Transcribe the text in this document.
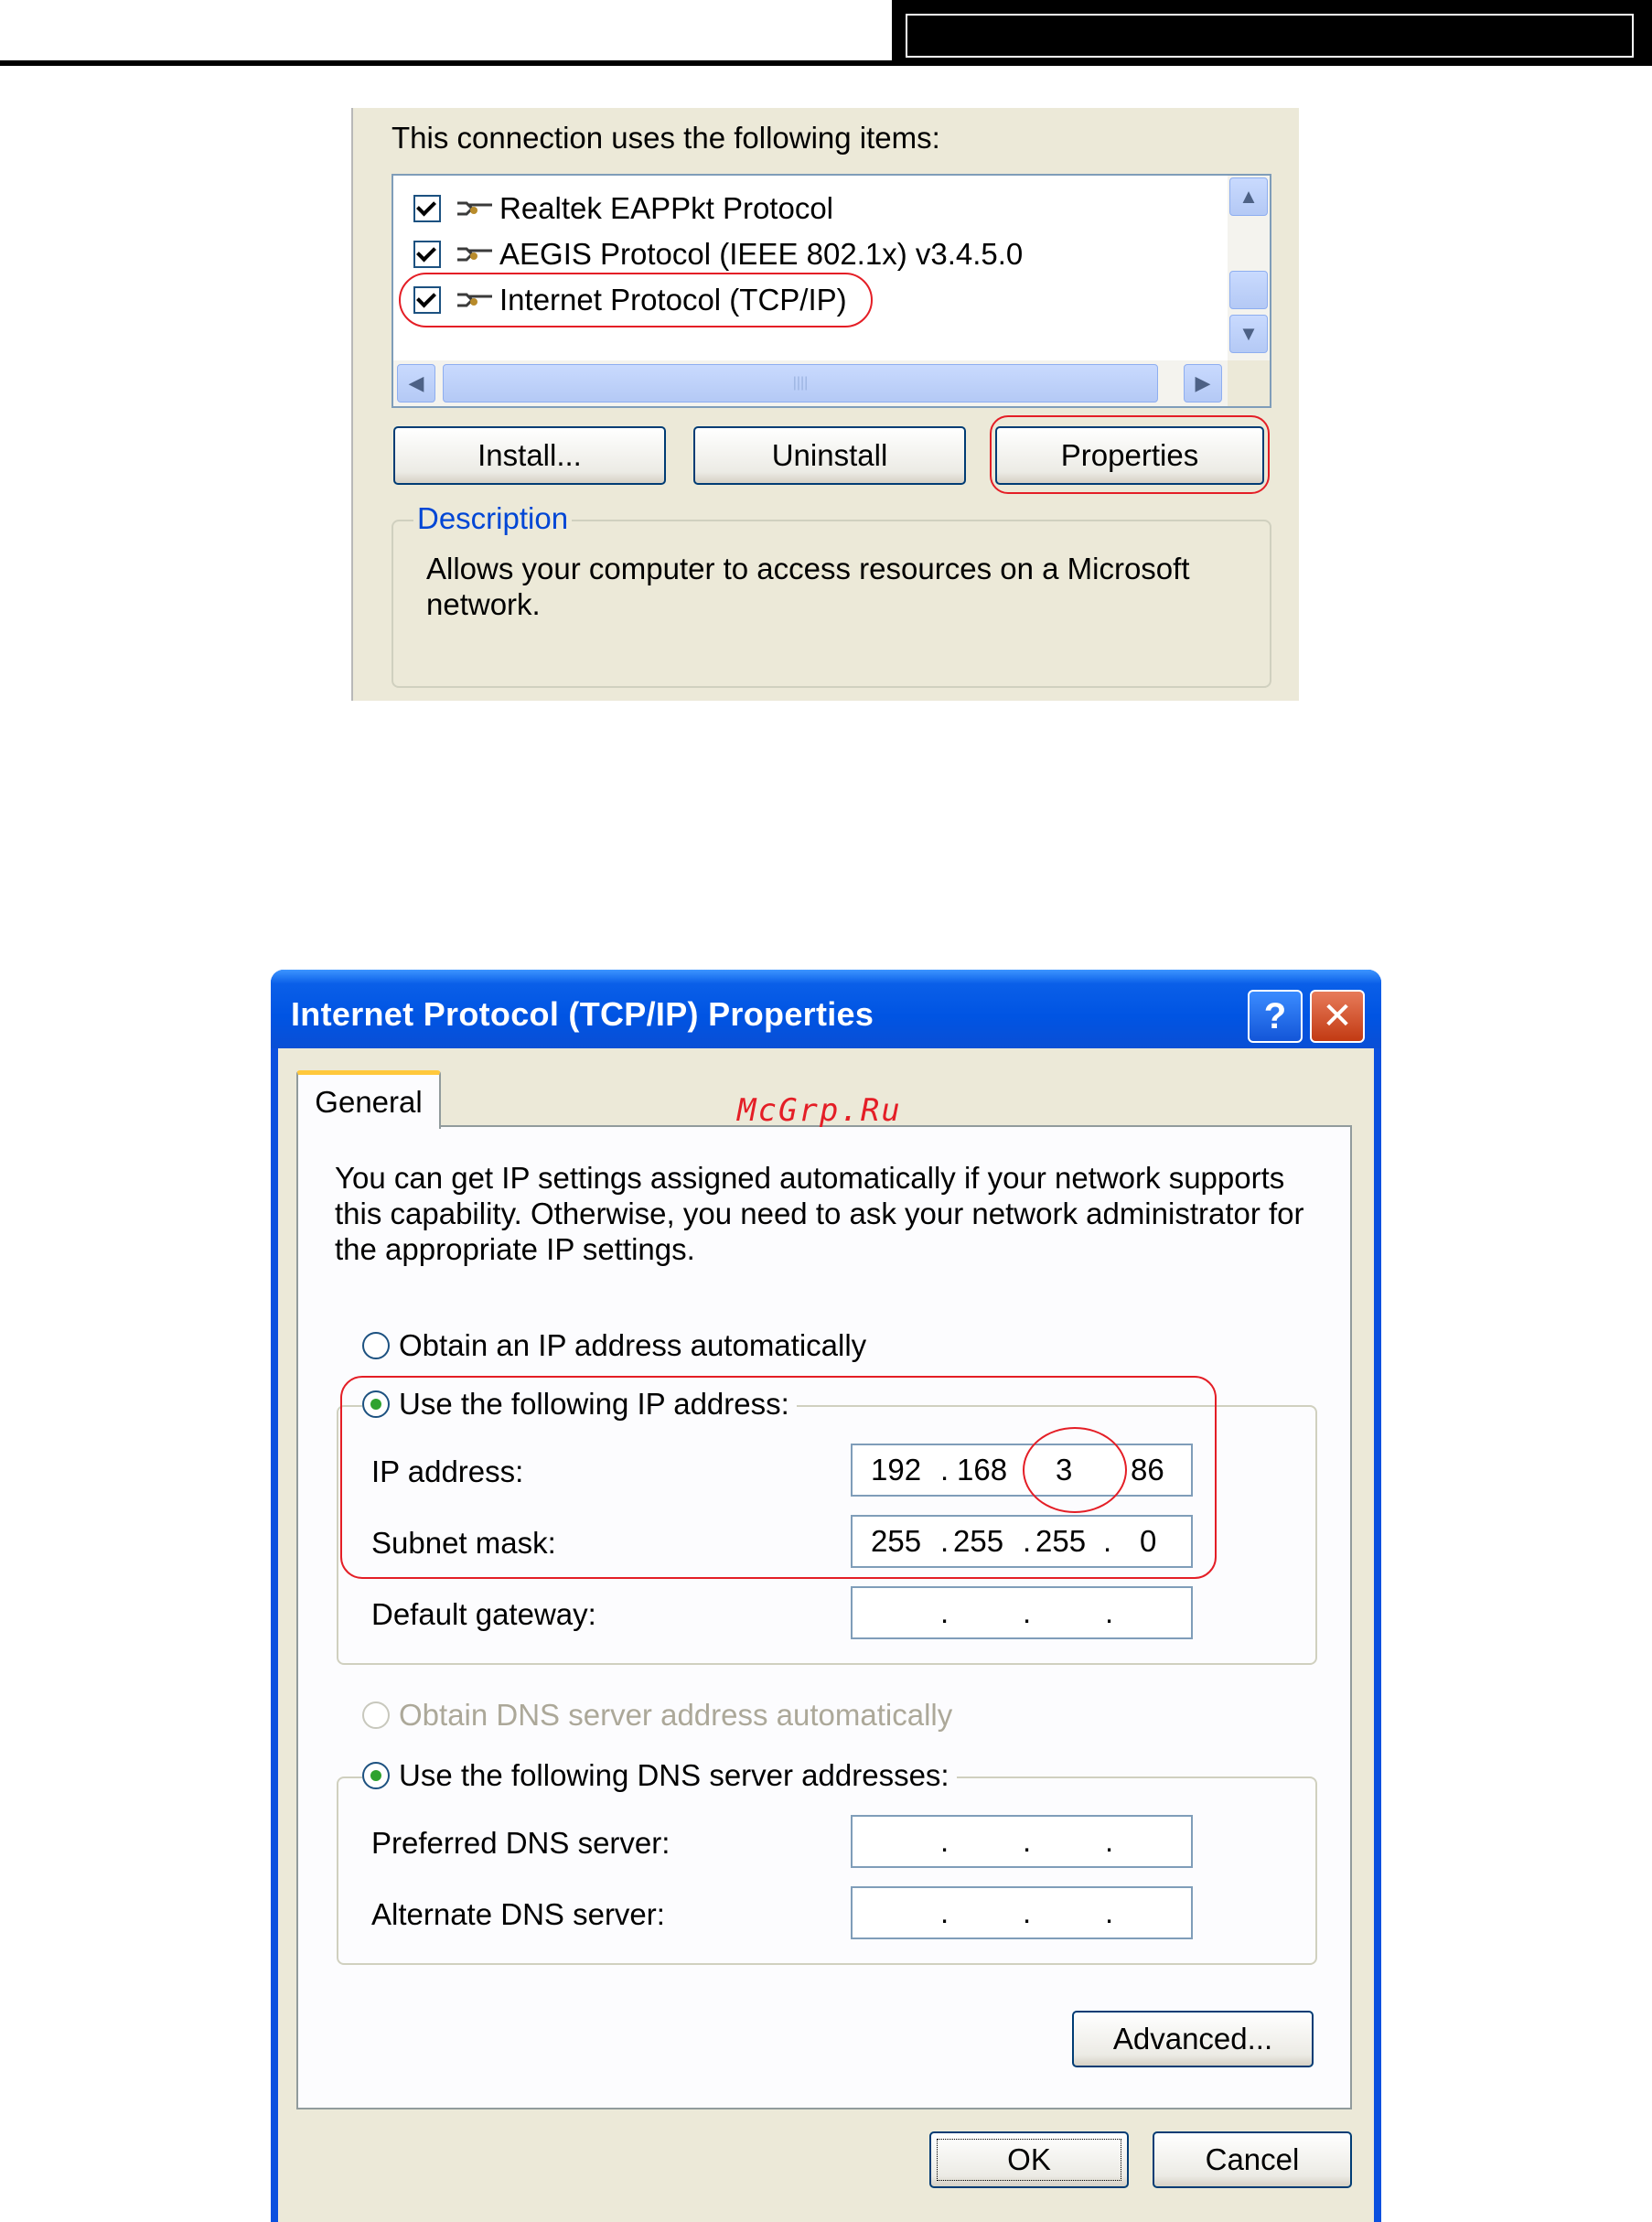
This connection uses the following items:
Realtek EAPPkt Protocol
AEGIS Protocol (IEEE 802.1x) v3.4.5.0
Internet Protocol (TCP/IP)
▲
▼
◀	||||	▶
Install...	Uninstall	Properties
Description
Allows your computer to access resources on a Microsoft network.
Internet Protocol (TCP/IP) Properties	? ✕
General	McGrp.Ru
You can get IP settings assigned automatically if your network supports this capability. Otherwise, you need to ask your network administrator for the appropriate IP settings.
Obtain an IP address automatically
Use the following IP address:
IP address:	192 . 168 3 86
Subnet mask:	255 . 255 . 255 . 0
Default gateway:	. . .
Obtain DNS server address automatically
Use the following DNS server addresses:
Preferred DNS server:	. . .
Alternate DNS server:	. . .
Advanced...
OK	Cancel
